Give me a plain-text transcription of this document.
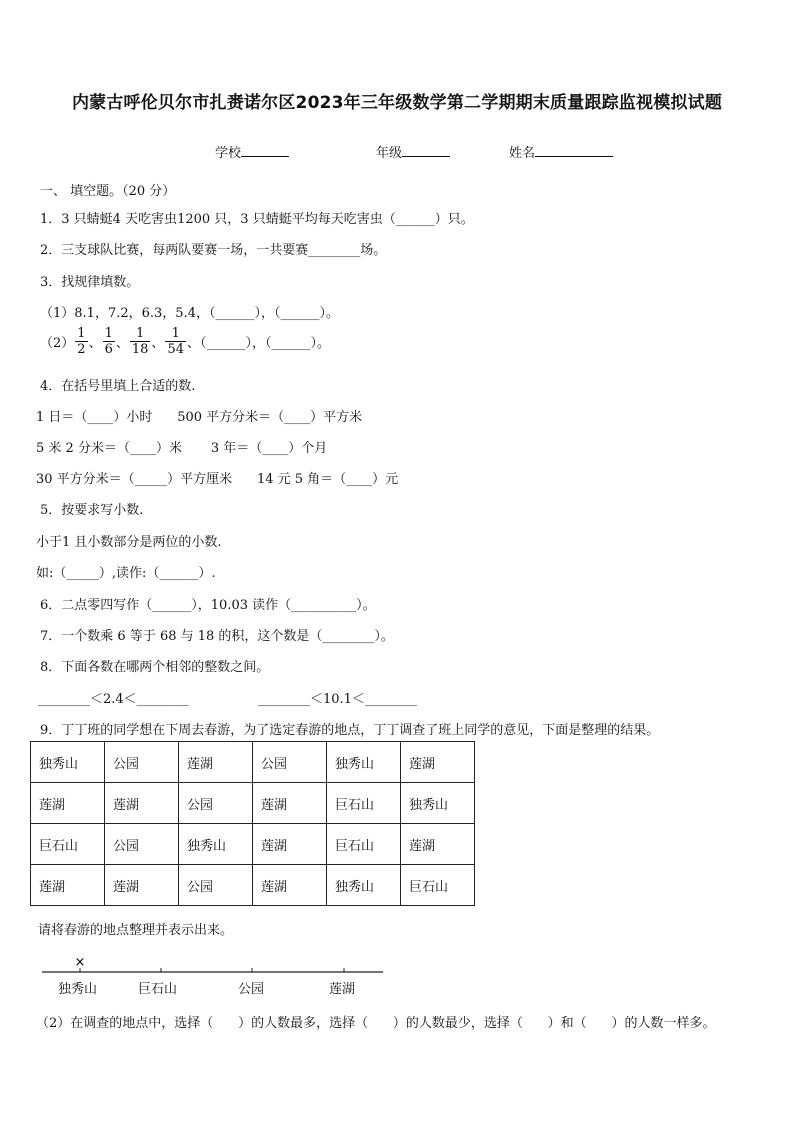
内蒙古呼伦贝尔市扎赉诺尔区2023年三年级数学第二学期期末质量跟踪监视模拟试题
学校	年级	姓名
一、 填空题。（20 分）
1．3 只蜻蜓4 天吃害虫1200 只，3 只蜻蜓平均每天吃害虫（______）只。
2．三支球队比赛，每两队要赛一场，一共要赛________场。
3．找规律填数。
（1）8.1，7.2，6.3，5.4，（______），（______）。
$(2) \frac{1}{2}$ 、 $\frac{1}{6}$ 、 $\frac{1}{18}$ 、 $\frac{1}{54}$ 、（______），（______）。
4．在括号里填上合适的数.
1 日＝（____）小时      500 平方分米＝（____）平方米
5 米 2 分米＝（____）米       3 年＝（____）个月
30 平方分米＝（_____）平方厘米      14 元 5 角＝（____）元
5．按要求写小数.
小于1 且小数部分是两位的小数.
如:（_____）,读作:（______）.
6．二点零四写作（______），10.03 读作（__________）。
7．一个数乘 6 等于 68 与 18 的积，这个数是（________）。
8．下面各数在哪两个相邻的整数之间。
________＜2.4＜________	________＜10.1＜________
9．丁丁班的同学想在下周去春游，为了选定春游的地点，丁丁调查了班上同学的意见，下面是整理的结果。
独秀山	公园	莲湖	公园	独秀山	莲湖
莲湖	莲湖	公园	莲湖	巨石山	独秀山
巨石山	公园	独秀山	莲湖	巨石山	莲湖
莲湖	莲湖	公园	莲湖	独秀山	巨石山
请将春游的地点整理并表示出来。
×
独秀山	巨石山	公园	莲湖
（2）在调查的地点中，选择（      ）的人数最多，选择（      ）的人数最少，选择（      ）和（      ）的人数一样多。
